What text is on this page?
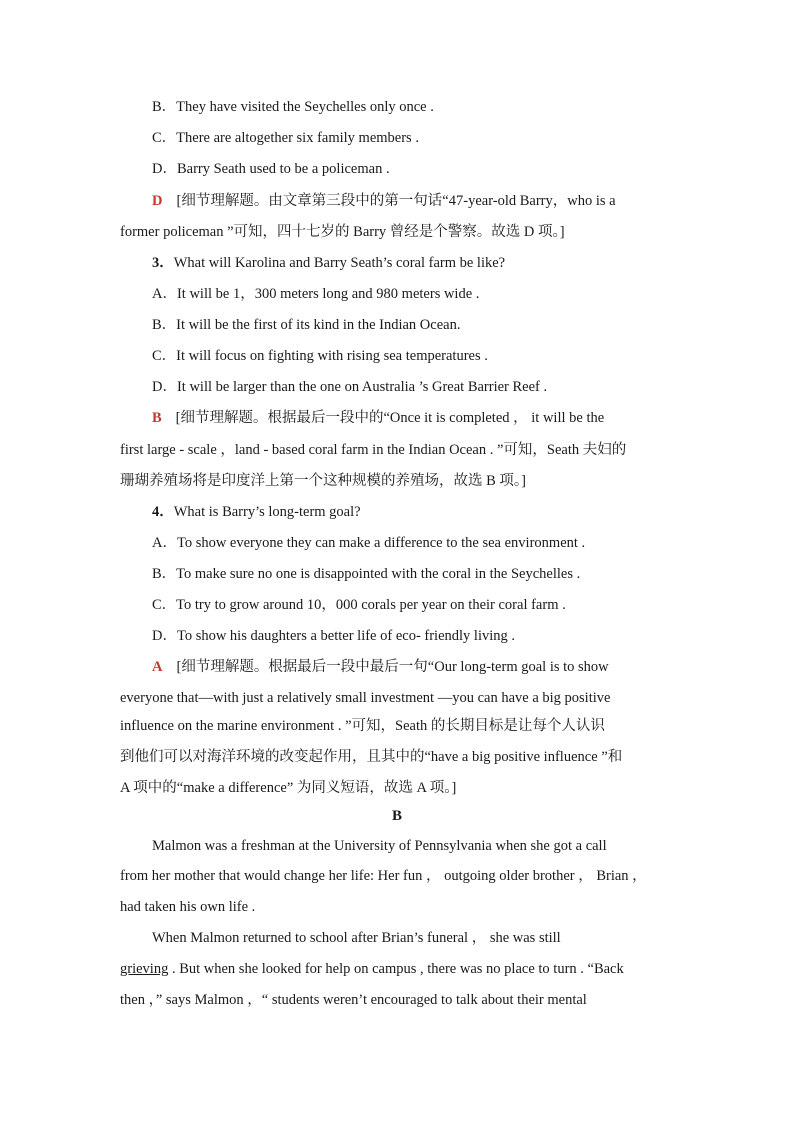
B．They have visited the Seychelles only once .
C．There are altogether six family members .
D．Barry Seath used to be a policeman .
D [细节理解题。由文章第三段中的第一句话“47-year-old Barry，who is a
former policeman ”可知，四十七岁的 Barry 曾经是个警察。故选 D 项。]
3．What will Karolina and Barry Seath’s coral farm be like?
A．It will be 1，300 meters long and 980 meters wide .
B．It will be the first of its kind in the Indian Ocean.
C．It will focus on fighting with rising sea temperatures .
D．It will be larger than the one on Australia ’s Great Barrier Reef .
B [细节理解题。根据最后一段中的“Once it is completed ， it will be the
first large - scale ，land - based coral farm in the Indian Ocean . ”可知，Seath 夫妇的
珊瑚养殖场将是印度洋上第一个这种规模的养殖场，故选 B 项。]
4．What is Barry’s long-term goal?
A．To show everyone they can make a difference to the sea environment .
B．To make sure no one is disappointed with the coral in the Seychelles .
C．To try to grow around 10，000 corals per year on their coral farm .
D．To show his daughters a better life of eco- friendly living .
A [细节理解题。根据最后一段中最后一句“Our long-term goal is to show
everyone that—with just a relatively small investment —you can have a big positive
influence on the marine environment . ”可知，Seath 的长期目标是让每个人认识
到他们可以对海洋环境的改变起作用，且其中的“have a big positive influence ”和
A 项中的“make a difference” 为同义短语，故选 A 项。]
B
Malmon was a freshman at the University of Pennsylvania when she got a call
from her mother that would change her life: Her fun ， outgoing older brother ， Brian ，
had taken his own life .
When Malmon returned to school after Brian’s funeral ， she was still
grieving . But when she looked for help on campus , there was no place to turn . “Back
then ，” says Malmon ，“ students weren’t encouraged to talk about their mental
